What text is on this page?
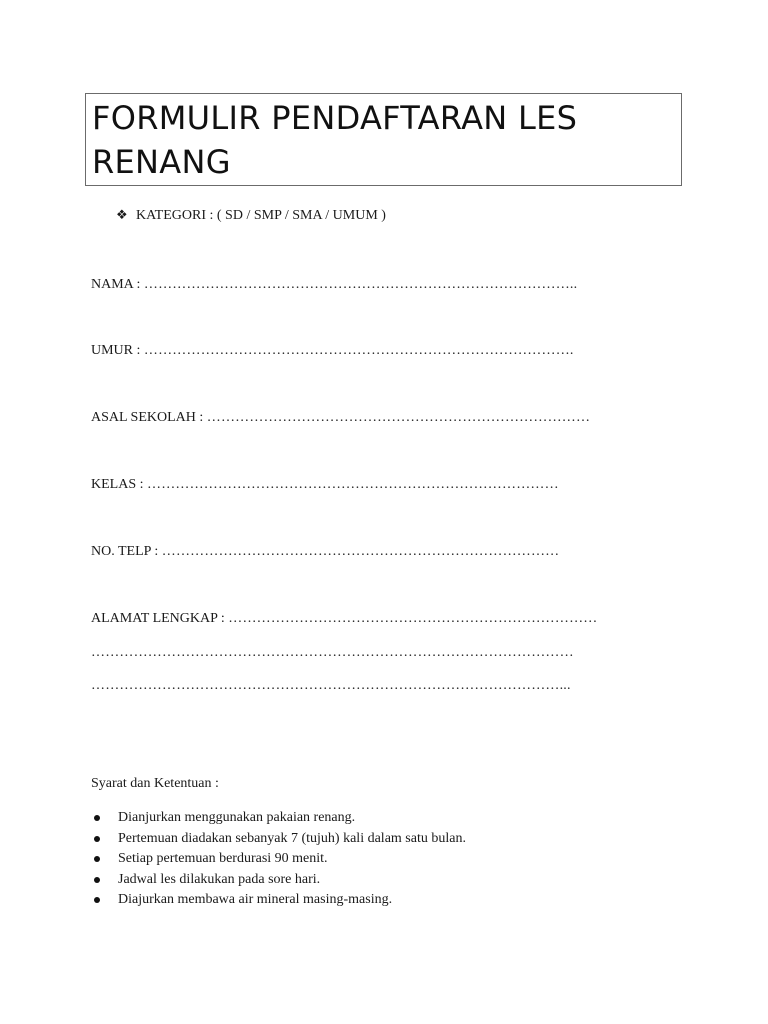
FORMULIR PENDAFTARAN LES RENANG
❖ KATEGORI : ( SD / SMP / SMA / UMUM )
NAMA : ………………………………………………………………………………..
UMUR : ……………………………………………………………………………….
ASAL SEKOLAH : ………………………………………………………………………
KELAS : ……………………………………………………………………………
NO. TELP : …………………………………………………………………………
ALAMAT LENGKAP : ……………………………………………………………………
…………………………………………………………………………………………
………………………………………………………………………………………...
Syarat dan Ketentuan :
Dianjurkan menggunakan pakaian renang.
Pertemuan diadakan sebanyak 7 (tujuh) kali dalam satu bulan.
Setiap pertemuan berdurasi 90 menit.
Jadwal les dilakukan pada sore hari.
Diajurkan membawa air mineral masing-masing.
